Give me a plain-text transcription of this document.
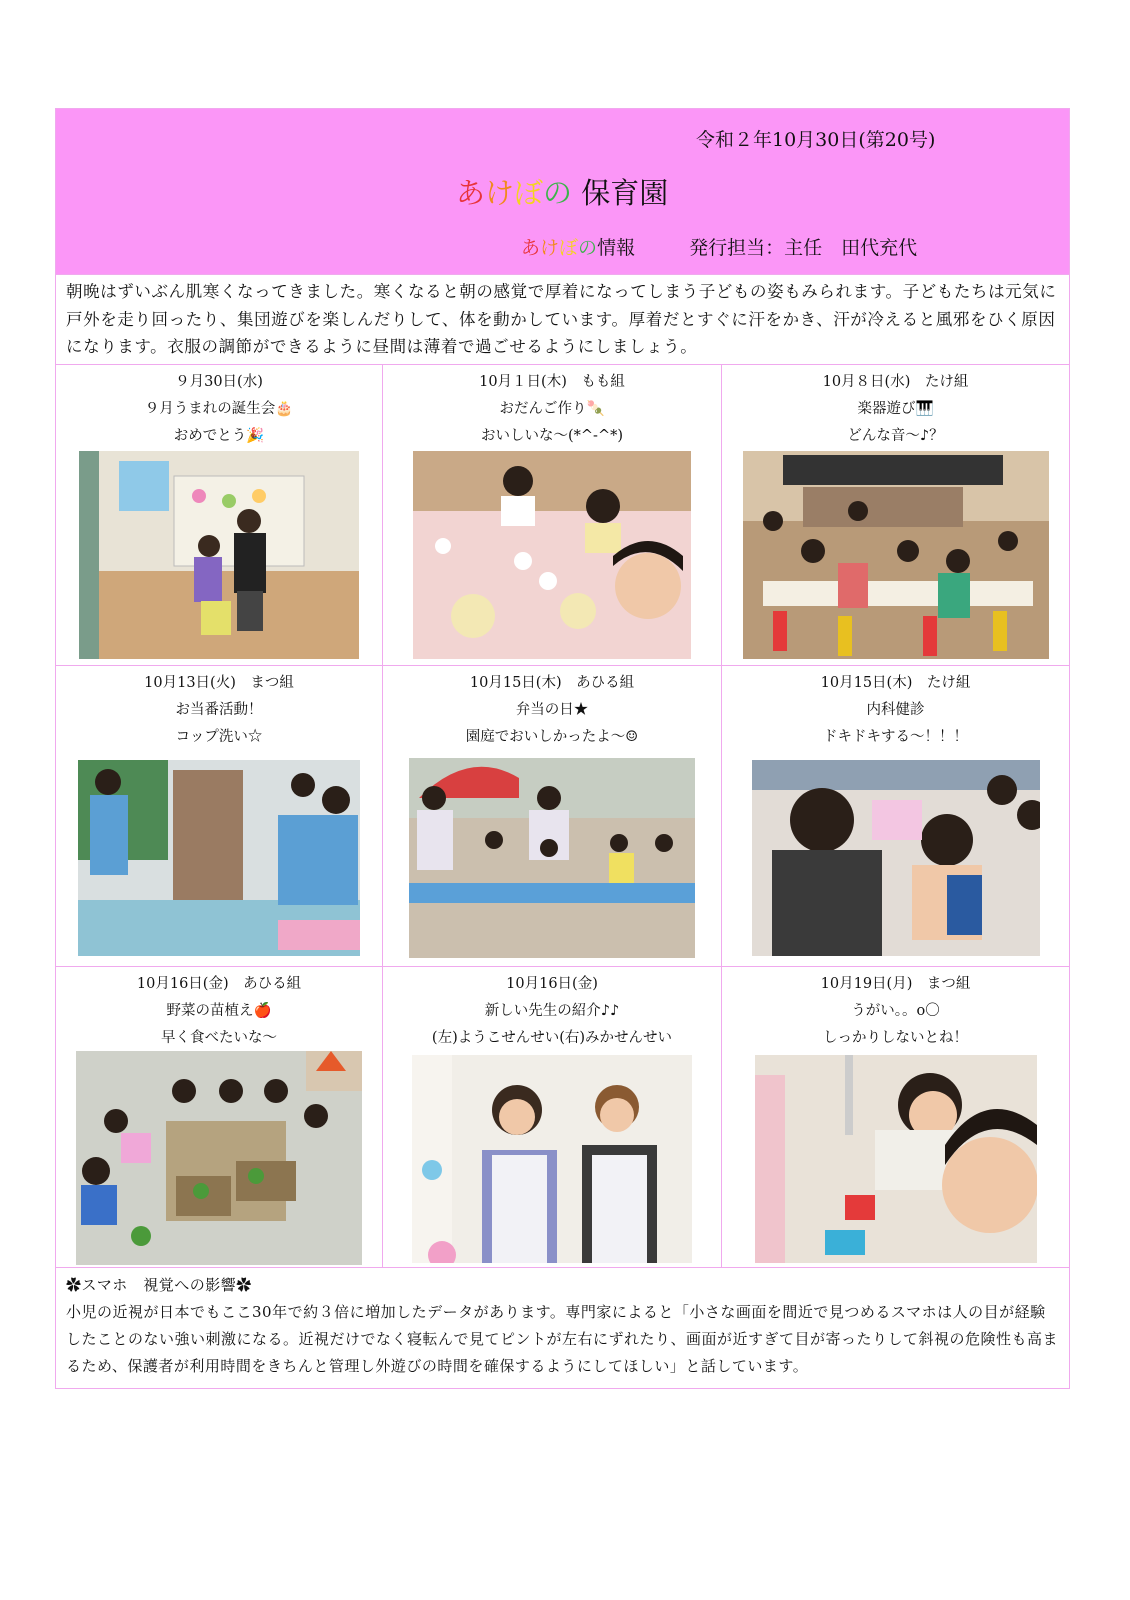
令和２年10月30日(第20号)
あけぼの 保育園
あけぼの情報	発行担当：主任　田代充代
朝晩はずいぶん肌寒くなってきました。寒くなると朝の感覚で厚着になってしまう子どもの姿もみられます。子どもたちは元気に戸外を走り回ったり、集団遊びを楽しんだりして、体を動かしています。厚着だとすぐに汗をかき、汗が冷えると風邪をひく原因になります。衣服の調節ができるように昼間は薄着で過ごせるようにしましょう。
９月30日(水)
９月うまれの誕生会🎂
おめでとう🎉
10月１日(木)　もも組
おだんご作り🍡
おいしいな～(*^-^*)
10月８日(水)　たけ組
楽器遊び🎹
どんな音～♪？
10月13日(火)　まつ組
お当番活動！
コップ洗い☆
10月15日(木)　あひる組
弁当の日★
園庭でおいしかったよ～☺
10月15日(木)　たけ組
内科健診
ドキドキする～！！！
10月16日(金)　あひる組
野菜の苗植え🍎
早く食べたいな～
10月16日(金)
新しい先生の紹介♪♪
(左)ようこせんせい(右)みかせんせい
10月19日(月)　まつ組
うがい。。o〇
しっかりしないとね！
✿スマホ　視覚への影響✿
小児の近視が日本でもここ30年で約３倍に増加したデータがあります。専門家によると「小さな画面を間近で見つめるスマホは人の目が経験したことのない強い刺激になる。近視だけでなく寝転んで見てピントが左右にずれたり、画面が近すぎて目が寄ったりして斜視の危険性も高まるため、保護者が利用時間をきちんと管理し外遊びの時間を確保するようにしてほしい」と話しています。
